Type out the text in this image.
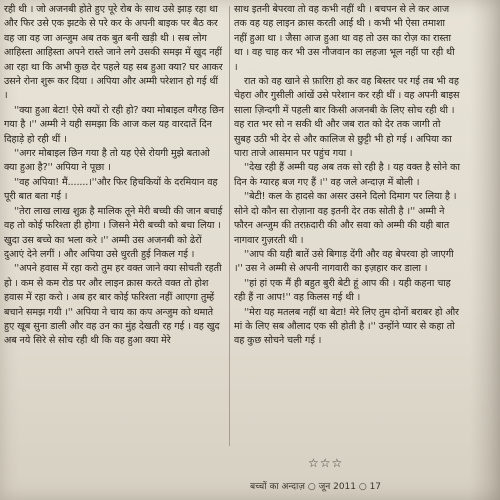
रही थी । जो अजनबी होते हुए पूरे रोब के साथ उसे झाड़ रहा था और फिर उसे एक झटके से परे कर के अपनी बाइक पर बैठ कर वह जा वह जा अन्जुम अब तक बुत बनी खड़ी थी । सब लोग आहिस्ता आहिस्ता अपने रास्ते जाने लगे उसकी समझ में खुद नहीं आ रहा था कि अभी कुछ देर पहले यह सब हुआ क्या? घर आकर उसने रोना शुरू कर दिया । अपिया और अम्मी परेशान हो गई थीं ।

''क्या हुआ बेटा! ऐसे क्यों रो रही हो? क्या मोबाइल वगैरह छिन गया है ।'' अम्मी ने यही समझा कि आज कल यह वारदातें दिन दिहाड़े हो रही थीं ।

''अगर मोबाइल छिन गया है तो यह ऐसे रोयगी मुझे बताओ क्या हुआ है?'' अपिया ने पूछा ।

''वह अपिया! मैं.......।''और फिर हिचकियों के दरमियान वह पूरी बात बता गई ।

''तेरा लाख लाख शुक्र है मालिक तूने मेरी बच्ची की जान बचाई वह तो कोई फरिश्ता ही होगा । जिसने मेरी बच्ची को बचा लिया । खुदा उस बच्चे का भला करे ।'' अम्मी उस अजनबी को ढेरों दुआएं देने लगीं । और अपिया उसे धुरती हुई निकल गई ।

''अपने हवास में रहा करो तुम हर वक्त जाने क्या सोचती रहती हो । कम से कम रोड पर और लाइन क्रास करते वक्त तो होश हवास में रहा करो । अब हर बार कोई फरिश्ता नहीं आएगा तुम्हें बचाने समझ गयी ।'' अपिया ने चाय का कप अन्जुम को थमाते हुए खूब सुना डाली और वह उन का मुंह देखती रह गई । वह खुद अब नये सिरे से सोच रही थी कि वह हुआ क्या मेरे

साथ इतनी बेपरवा तो वह कभी नहीं थी । बचपन से ले कर आज तक वह यह लाइन क्रास करती आई थी । कभी भी ऐसा तमाशा नहीं हुआ था । जैसा आज हुआ था वह तो उस का रोज़ का रास्ता था । वह चाह कर भी उस नौजवान का लहजा भूल नहीं पा रही थी ।

रात को वह खाने से फ़ारिग़ हो कर वह बिस्तर पर गई तब भी वह चेहरा और गुसीली आंखें उसे परेशान कर रही थीं । वह अपनी बाइस साला ज़िन्दगी में पहली बार किसी अजनबी के लिए सोच रही थी । वह रात भर सो न सकी थी और जब रात को देर तक जागी तो सुबह उठी भी देर से और कालिज से छुट्टी भी हो गई । अपिया का पारा ताजे आसमान पर पहुंच गया ।

''देख रही हैं अम्मी यह अब तक सो रही है । यह वक्त है सोने का दिन के ग्यारह बज गए हैं ।'' वह जले अन्दाज़ में बोली ।

''बेटी! कल के हादसे का असर उसने दिलो दिमाग पर लिया है । सोने दो कौन सा रोज़ाना वह इतनी देर तक सोती है ।'' अम्मी ने फौरन अन्जुम की तरफ़दारी की और सवा को अम्मी की यही बात नागवार गुज़रती थी ।

''आप की यही बातें उसे बिगाड़ देंगी और वह बेपरवा हो जाएगी ।'' उस ने अम्मी से अपनी नागवारी का इज़हार कर डाला ।

''हां हां एक मैं ही बहुत बुरी बेटी हूं आप की । यही कहना चाह रही हैं ना आप!'' वह किलस गई थी ।

''मेरा यह मतलब नहीं था बेटा! मेरे लिए तुम दोनों बराबर हो और मां के लिए सब औलाद एक सी होती है ।'' उन्होंने प्यार से कहा तो वह कुछ सोचने चली गई ।

☆☆☆
बच्चों का अन्दाज़ ○ जून 2011 ○ 17
